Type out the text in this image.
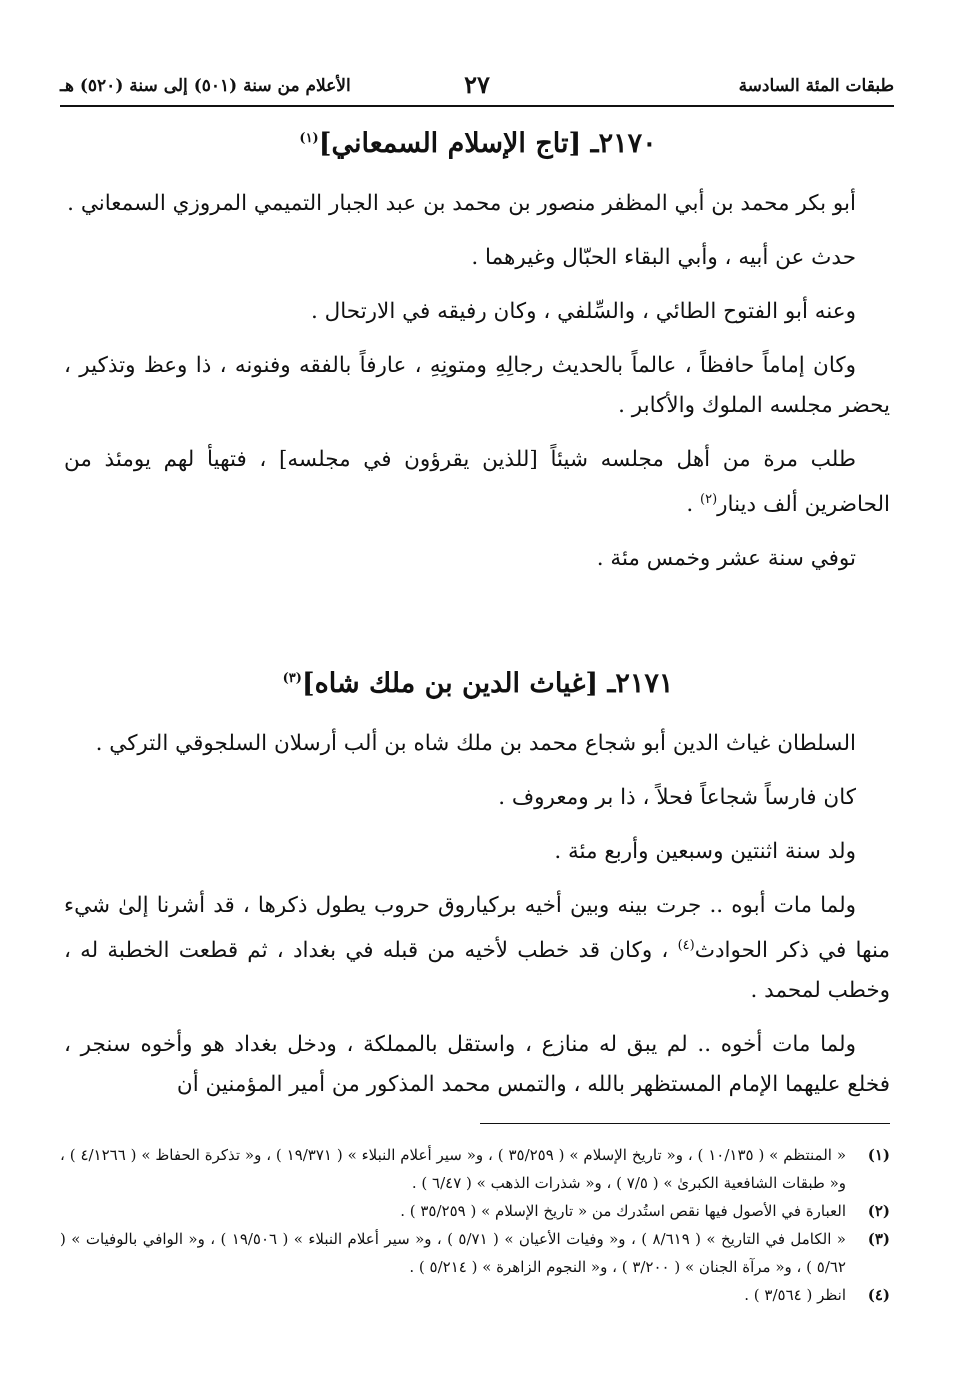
طبقات المئة السادسة
٢٧
الأعلام من سنة (٥٠١) إلى سنة (٥٢٠) هـ
٢١٧٠ـ [تاج الإسلام السمعاني]$^{(١)}$

أبو بكر محمد بن أبي المظفر منصور بن محمد بن عبد الجبار التميمي المروزي السمعاني .

حدث عن أبيه ، وأبي البقاء الحبّال وغيرهما .

وعنه أبو الفتوح الطائي ، والسِّلفي ، وكان رفيقه في الارتحال .

وكان إماماً حافظاً ، عالماً بالحديث رجالِهِ ومتونِهِ ، عارفاً بالفقه وفنونه ، ذا وعظ وتذكير ، يحضر مجلسه الملوك والأكابر .

طلب مرة من أهل مجلسه شيئاً [للذين يقرؤون في مجلسه] ، فتهيأ لهم يومئذ من الحاضرين ألف دينار$^{(٢)}$ .

توفي سنة عشر وخمس مئة .

٢١٧١ـ [غياث الدين بن ملك شاه]$^{(٣)}$

السلطان غياث الدين أبو شجاع محمد بن ملك شاه بن ألب أرسلان السلجوقي التركي .

كان فارساً شجاعاً فحلاً ، ذا بر ومعروف .

ولد سنة اثنتين وسبعين وأربع مئة .

ولما مات أبوه .. جرت بينه وبين أخيه بركياروق حروب يطول ذكرها ، قد أشرنا إلىٰ شيء منها في ذكر الحوادث$^{(٤)}$ ، وكان قد خطب لأخيه من قبله في بغداد ، ثم قطعت الخطبة له ، وخطب لمحمد .

ولما مات أخوه .. لم يبق له منازع ، واستقل بالمملكة ، ودخل بغداد هو وأخوه سنجر ، فخلع عليهما الإمام المستظهر بالله ، والتمس محمد المذكور من أمير المؤمنين أن

(١)
« المنتظم » ( ١٠/١٣٥ ) ، و« تاريخ الإسلام » ( ٣٥/٢٥٩ ) ، و« سير أعلام النبلاء » ( ١٩/٣٧١ ) ، و« تذكرة الحفاظ » ( ٤/١٢٦٦ ) ، و« طبقات الشافعية الكبرىٰ » ( ٧/٥ ) ، و« شذرات الذهب » ( ٦/٤٧ ) .
(٢)
العبارة في الأصول فيها نقص استُدرك من « تاريخ الإسلام » ( ٣٥/٢٥٩ ) .
(٣)
« الكامل في التاريخ » ( ٨/٦١٩ ) ، و« وفيات الأعيان » ( ٥/٧١ ) ، و« سير أعلام النبلاء » ( ١٩/٥٠٦ ) ، و« الوافي بالوفيات » ( ٥/٦٢ ) ، و« مرآة الجنان » ( ٣/٢٠٠ ) ، و« النجوم الزاهرة » ( ٥/٢١٤ ) .
(٤)
انظر ( ٣/٥٦٤ ) .
